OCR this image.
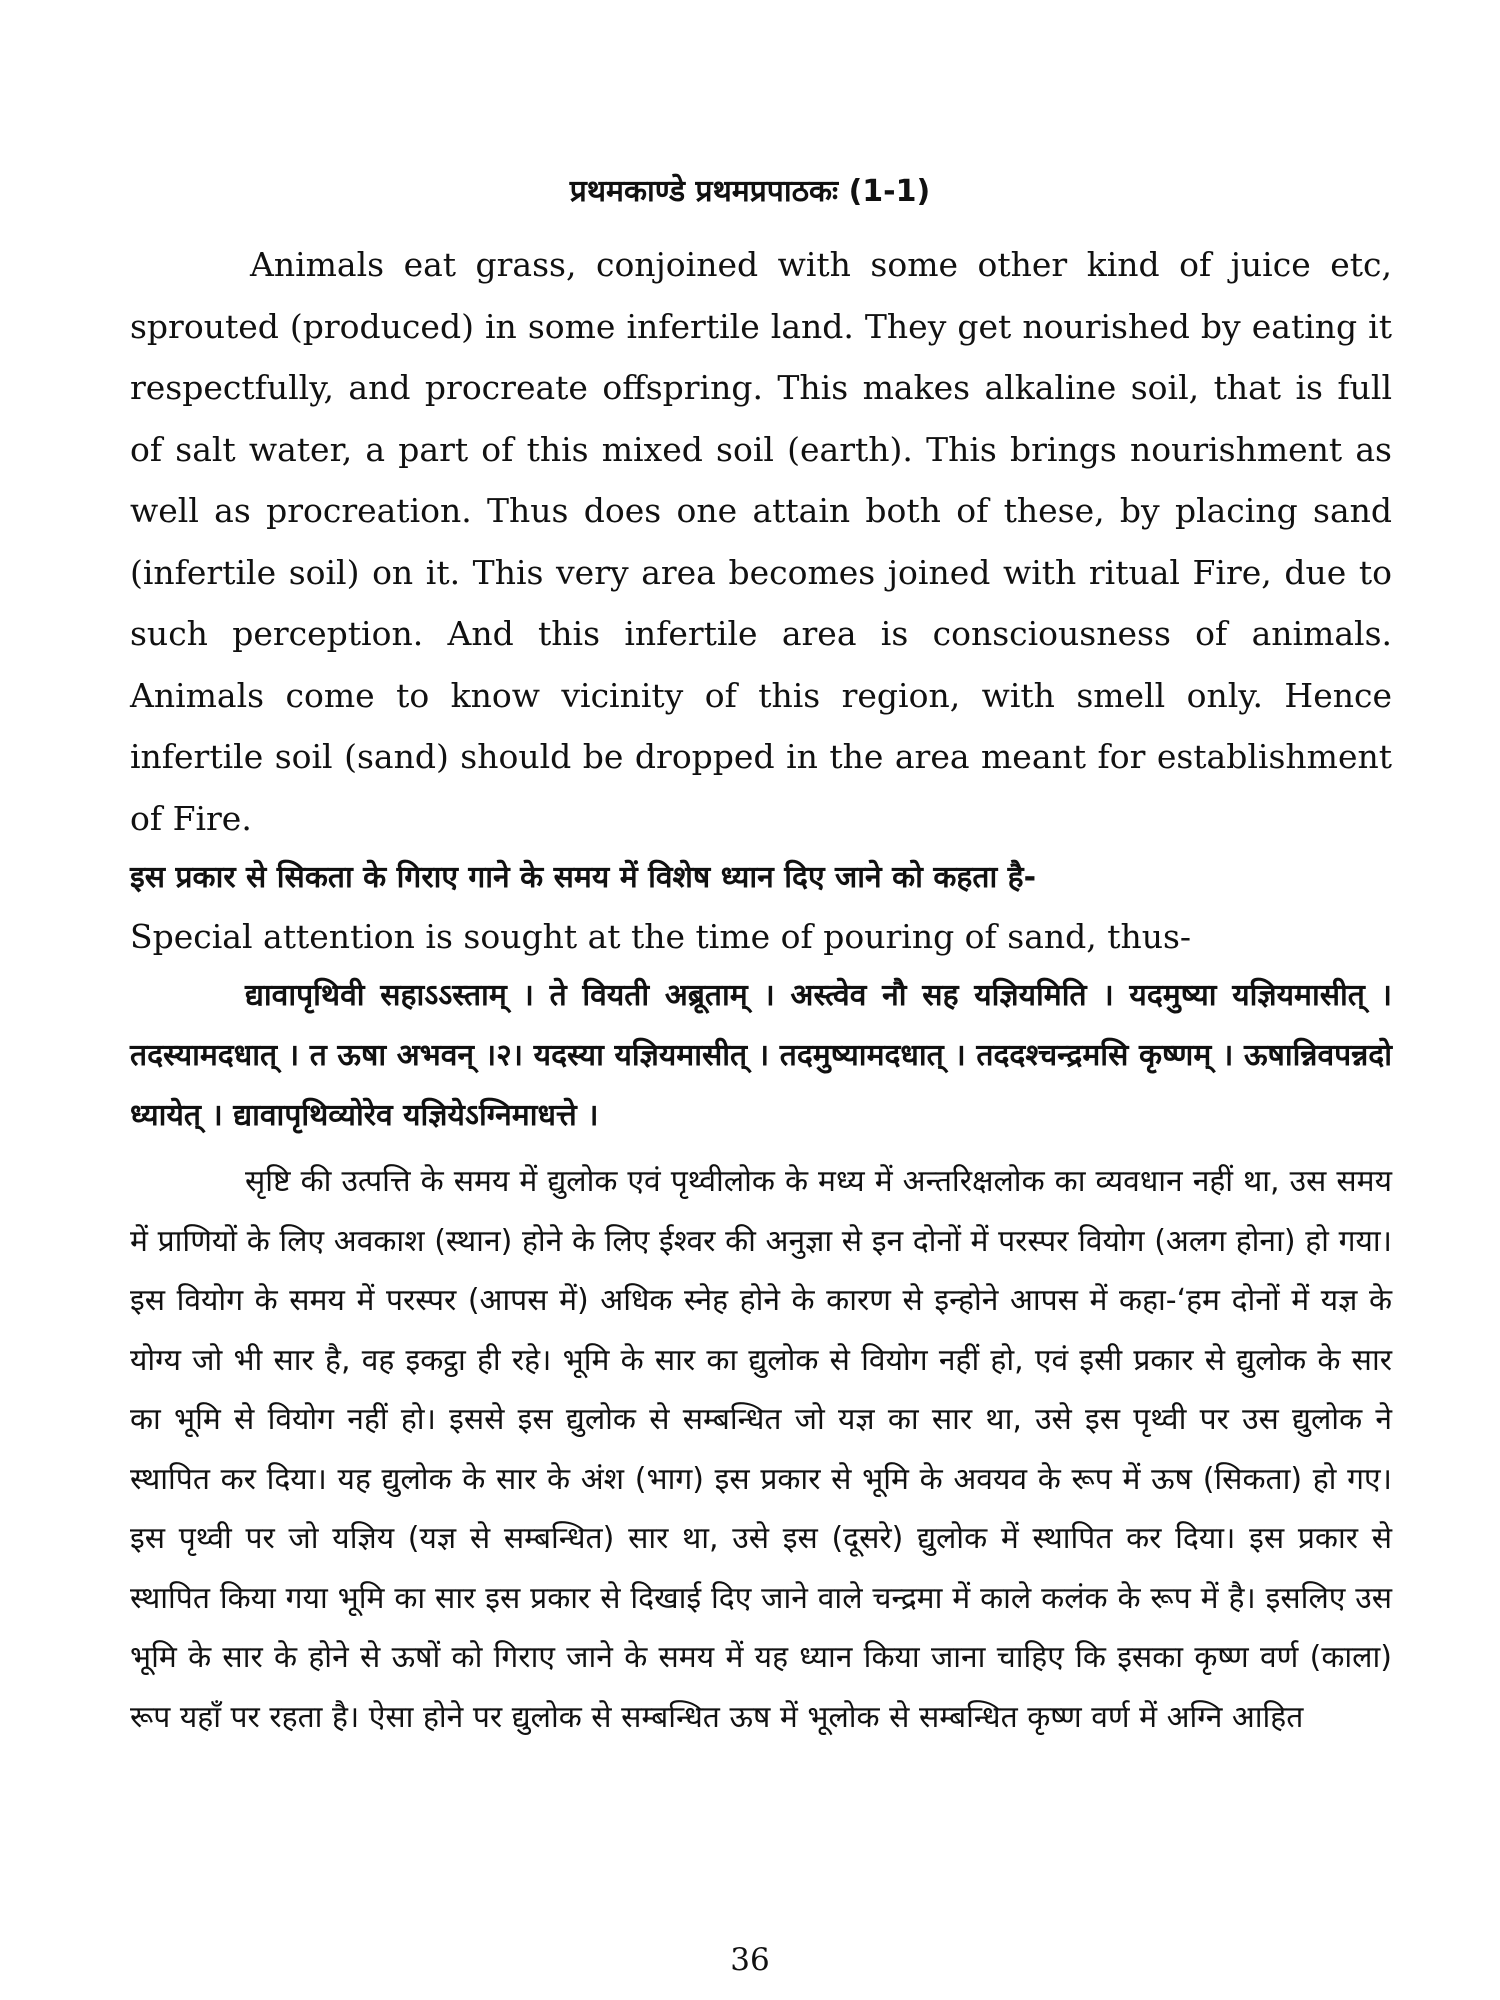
प्रथमकाण्डे प्रथमप्रपाठकः (1-1)
Animals eat grass, conjoined with some other kind of juice etc, sprouted (produced) in some infertile land. They get nourished by eating it respectfully, and procreate offspring. This makes alkaline soil, that is full of salt water, a part of this mixed soil (earth). This brings nourishment as well as procreation. Thus does one attain both of these, by placing sand (infertile soil) on it. This very area becomes joined with ritual Fire, due to such perception. And this infertile area is consciousness of animals. Animals come to know vicinity of this region, with smell only. Hence infertile soil (sand) should be dropped in the area meant for establishment of Fire.
इस प्रकार से सिकता के गिराए गाने के समय में विशेष ध्यान दिए जाने को कहता है-
Special attention is sought at the time of pouring of sand, thus-
द्यावापृथिवी सहाऽऽस्ताम् । ते वियती अब्रूताम् । अस्त्वेव नौ सह यज्ञियमिति । यदमुष्या यज्ञियमासीत् । तदस्यामदधात् । त ऊषा अभवन् ।२। यदस्या यज्ञियमासीत् । तदमुष्यामदधात् । तददश्चन्द्रमसि कृष्णम् । ऊषान्निवपन्नदो ध्यायेत् । द्यावापृथिव्योरेव यज्ञियेऽग्निमाधत्ते ।
सृष्टि की उत्पत्ति के समय में द्युलोक एवं पृथ्वीलोक के मध्य में अन्तरिक्षलोक का व्यवधान नहीं था, उस समय में प्राणियों के लिए अवकाश (स्थान) होने के लिए ईश्वर की अनुज्ञा से इन दोनों में परस्पर वियोग (अलग होना) हो गया। इस वियोग के समय में परस्पर (आपस में) अधिक स्नेह होने के कारण से इन्होने आपस में कहा-‘हम दोनों में यज्ञ के योग्य जो भी सार है, वह इकट्ठा ही रहे। भूमि के सार का द्युलोक से वियोग नहीं हो, एवं इसी प्रकार से द्युलोक के सार का भूमि से वियोग नहीं हो। इससे इस द्युलोक से सम्बन्धित जो यज्ञ का सार था, उसे इस पृथ्वी पर उस द्युलोक ने स्थापित कर दिया। यह द्युलोक के सार के अंश (भाग) इस प्रकार से भूमि के अवयव के रूप में ऊष (सिकता) हो गए। इस पृथ्वी पर जो यज्ञिय (यज्ञ से सम्बन्धित) सार था, उसे इस (दूसरे) द्युलोक में स्थापित कर दिया। इस प्रकार से स्थापित किया गया भूमि का सार इस प्रकार से दिखाई दिए जाने वाले चन्द्रमा में काले कलंक के रूप में है। इसलिए उस भूमि के सार के होने से ऊषों को गिराए जाने के समय में यह ध्यान किया जाना चाहिए कि इसका कृष्ण वर्ण (काला) रूप यहाँ पर रहता है। ऐसा होने पर द्युलोक से सम्बन्धित ऊष में भूलोक से सम्बन्धित कृष्ण वर्ण में अग्नि आहित
36
